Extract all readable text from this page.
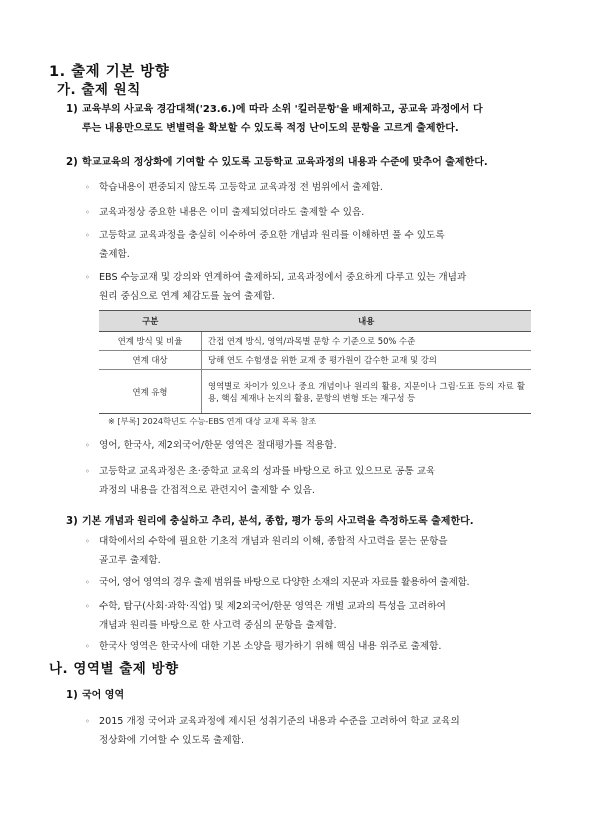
1. 출제 기본 방향
가. 출제 원칙
1) 교육부의 사교육 경감대책('23.6.)에 따라 소위 '킬러문항'을 배제하고, 공교육 과정에서 다
루는 내용만으로도 변별력을 확보할 수 있도록 적정 난이도의 문항을 고르게 출제한다.
2) 학교교육의 정상화에 기여할 수 있도록 고등학교 교육과정의 내용과 수준에 맞추어 출제한다.
◦ 학습내용이 편중되지 않도록 고등학교 교육과정 전 범위에서 출제함.
◦ 교육과정상 중요한 내용은 이미 출제되었더라도 출제할 수 있음.
◦ 고등학교 교육과정을 충실히 이수하여 중요한 개념과 원리를 이해하면 풀 수 있도록
출제함.
◦ EBS 수능교재 및 강의와 연계하여 출제하되, 교육과정에서 중요하게 다루고 있는 개념과
원리 중심으로 연계 체감도를 높여 출제함.
구분	내용
연계 방식 및 비율	간접 연계 방식, 영역/과목별 문항 수 기준으로 50% 수준
연계 대상	당해 연도 수험생을 위한 교재 중 평가원이 감수한 교재 및 강의
연계 유형	영역별로 차이가 있으나 중요 개념이나 원리의 활용, 지문이나 그림·도표 등의 자료 활용, 핵심 제재나 논지의 활용, 문항의 변형 또는 재구성 등
※ [부록] 2024학년도 수능-EBS 연계 대상 교재 목록 참조
◦ 영어, 한국사, 제2외국어/한문 영역은 절대평가를 적용함.
◦ 고등학교 교육과정은 초·중학교 교육의 성과를 바탕으로 하고 있으므로 공통 교육
과정의 내용을 간접적으로 관련지어 출제할 수 있음.
3) 기본 개념과 원리에 충실하고 추리, 분석, 종합, 평가 등의 사고력을 측정하도록 출제한다.
◦ 대학에서의 수학에 필요한 기초적 개념과 원리의 이해, 종합적 사고력을 묻는 문항을
골고루 출제함.
◦ 국어, 영어 영역의 경우 출제 범위를 바탕으로 다양한 소재의 지문과 자료를 활용하여 출제함.
◦ 수학, 탐구(사회·과학·직업) 및 제2외국어/한문 영역은 개별 교과의 특성을 고려하여
개념과 원리를 바탕으로 한 사고력 중심의 문항을 출제함.
◦ 한국사 영역은 한국사에 대한 기본 소양을 평가하기 위해 핵심 내용 위주로 출제함.
나. 영역별 출제 방향
1) 국어 영역
◦ 2015 개정 국어과 교육과정에 제시된 성취기준의 내용과 수준을 고려하여 학교 교육의
정상화에 기여할 수 있도록 출제함.
